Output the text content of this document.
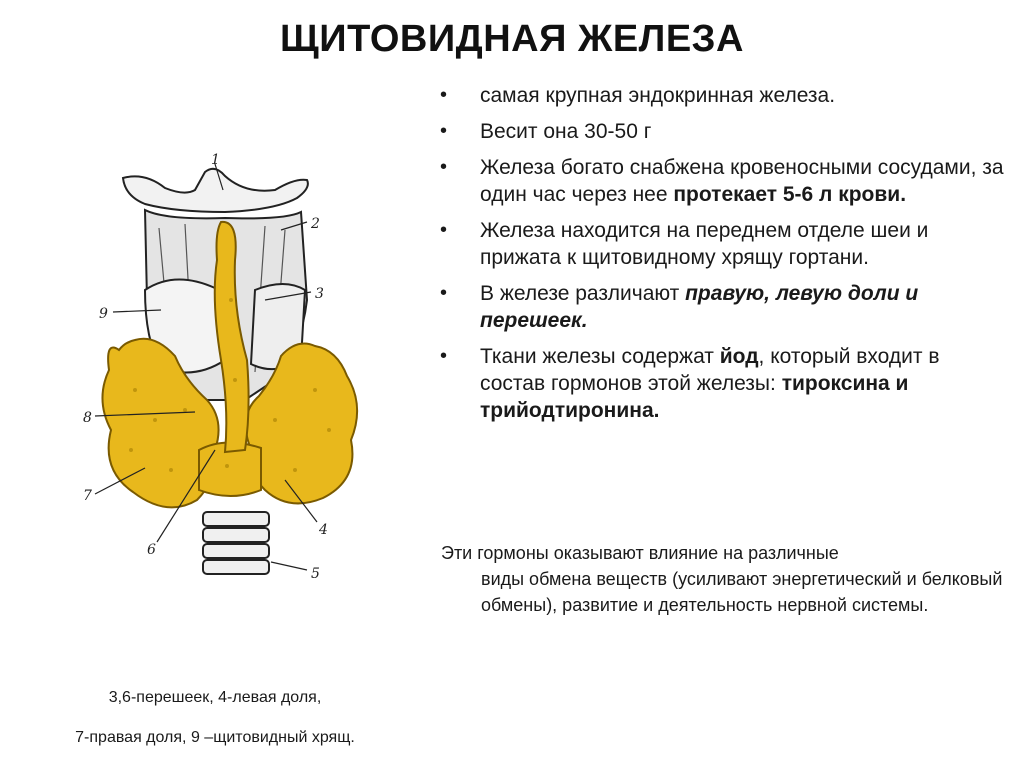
ЩИТОВИДНАЯ ЖЕЛЕЗА
1
2
3
4
5
6
7
8
9
• самая крупная эндокринная железа.
• Весит она 30-50 г
• Железа богато снабжена кровеносными сосудами, за один час через нее протекает 5-6 л крови.
• Железа находится на переднем отделе шеи и прижата к щитовидному хрящу гортани.
• В железе различают правую, левую доли и перешеек.
• Ткани железы содержат йод, который входит в состав гормонов этой железы: тироксина и трийодтиронина.
Эти гормоны оказывают влияние на различные
виды обмена веществ (усиливают энергетический и белковый обмены), развитие и деятельность нервной системы.
3,6-перешеек, 4-левая доля,
7-правая доля, 9 –щитовидный хрящ.
